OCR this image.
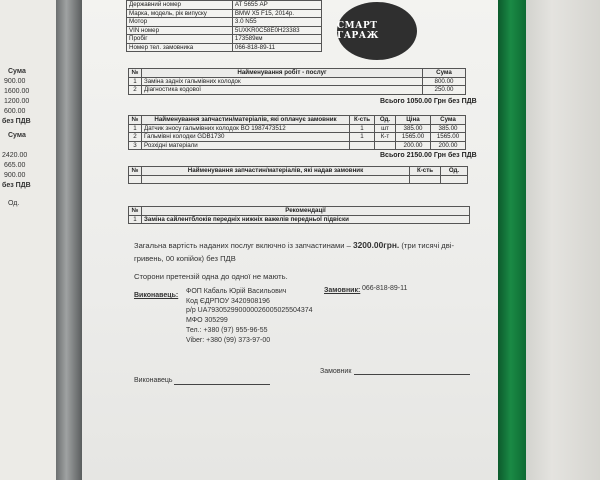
Сума
900.00
1600.00
1200.00
600.00
без ПДВ
Сума
2420.00
665.00
900.00
без ПДВ
Од.
Державний номер	АТ 5655 АР
Марка, модель, рік випуску	BMW X5 F15, 2014р.
Мотор	3.0 N55
VIN номер	5UXKR0C58E0H23383
Пробіг	173589км
Номер тел. замовника	066-818-89-11
СМАРТ ГАРАЖ
№	Найменування робіт - послуг	Сума
1	Заміна задніх гальмівних колодок	800.00
2	Діагностика кодової	250.00
Всього 1050.00 Грн без ПДВ
№	Найменування запчастин/матеріалів, які оплачує замовник	К-сть	Од.	Ціна	Сума
1	Датчик зносу гальмівних колодок BO 1987473512	1	шт	385.00	385.00
2	Гальмівні колодки GDB1730	1	К-т	1565.00	1565.00
3	Розхідні матеріали			200.00	200.00
Всього 2150.00 Грн без ПДВ
№	Найменування запчастин/матеріалів, які надав замовник	К-сть	Од.

№	Рекомендації
1	Заміна сайлентблоків передніх нижніх важелів передньої підвіски
Загальна вартість наданих послуг включно із запчастинами – 3200.00грн. (три тисячі дві-
гривень, 00 копійок) без ПДВ
Сторони претензій одна до одної не мають.
Виконавець:
ФОП Кабаль Юрій Васильович
Код ЄДРПОУ 3420908196
р/р UA793052990000026005025504374
МФО 305299
Тел.: +380 (97) 955-96-55
Viber: +380 (99) 373-97-00
Замовник: 066-818-89-11
Виконавець
Замовник
